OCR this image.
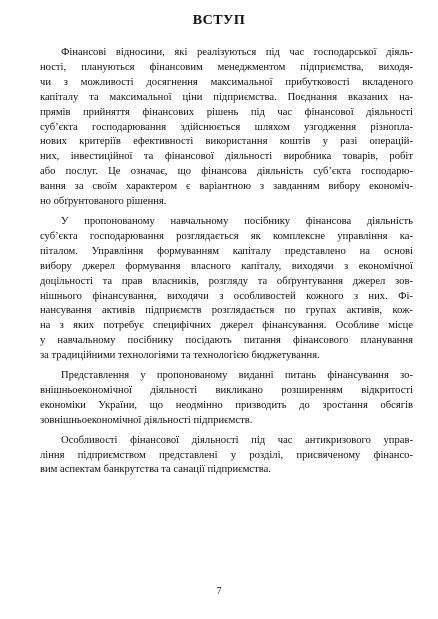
ВСТУП
Фінансові відносини, які реалізуються під час господарської діяль-
ності, плануються фінансовим менеджментом підприємства, виходя-
чи з можливості досягнення максимальної прибутковості вкладеного
капіталу та максимальної ціни підприємства. Поєднання вказаних на-
прямів прийняття фінансових рішень під час фінансової діяльності
суб’єкта господарювання здійснюється шляхом узгодження різнопла-
нових критеріїв ефективності використання коштів у разі операцій-
них, інвестиційної та фінансової діяльності виробника товарів, робіт
або послуг. Це означає, що фінансова діяльність суб’єкта господарю-
вання за своїм характером є варіантною з завданням вибору економіч-
но обґрунтованого рішення.
У пропонованому навчальному посібнику фінансова діяльність
суб’єкта господарювання розглядається як комплексне управління ка-
піталом. Управління формуванням капіталу представлено на основі
вибору джерел формування власного капіталу, виходячи з економічної
доцільності та прав власників, розгляду та обґрунтування джерел зов-
нішнього фінансування, виходячи з особливостей кожного з них. Фі-
нансування активів підприємств розглядається по групах активів, кож-
на з яких потребує специфічних джерел фінансування. Особливе місце
у навчальному посібнику посідають питання фінансового планування
за традиційними технологіями та технологією бюджетування.
Представлення у пропонованому виданні питань фінансування зо-
внішньоекономічної діяльності викликано розширенням відкритості
економіки України, що неодмінно призводить до зростання обсягів
зовнішньоекономічної діяльності підприємств.
Особливості фінансової діяльності під час антикризового управ-
ління підприємством представлені у розділі, присвяченому фінансо-
вим аспектам банкрутства та санації підприємства.
7
